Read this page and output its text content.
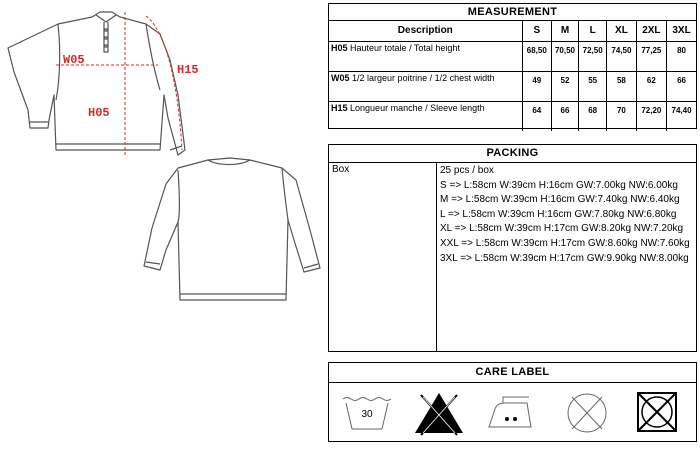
W05
H15
H05
MEASUREMENT
Description	S	M	L	XL	2XL	3XL
H05 Hauteur totale / Total height	68,50	70,50	72,50	74,50	77,25	80
W05 1/2 largeur poitrine / 1/2 chest width	49	52	55	58	62	66
H15 Longueur manche / Sleeve length	64	66	68	70	72,20	74,40
PACKING
Box	25 pcs / box
S => L:58cm W:39cm H:16cm GW:7.00kg NW:6.00kg
M => L:58cm W:39cm H:16cm GW:7.40kg NW:6.40kg
L => L:58cm W:39cm H:16cm GW:7.80kg NW:6.80kg
XL => L:58cm W:39cm H:17cm GW:8.20kg NW:7.20kg
XXL => L:58cm W:39cm H:17cm GW:8.60kg NW:7.60kg
3XL => L:58cm W:39cm H:17cm GW:9.90kg NW:8.00kg
CARE LABEL
30
